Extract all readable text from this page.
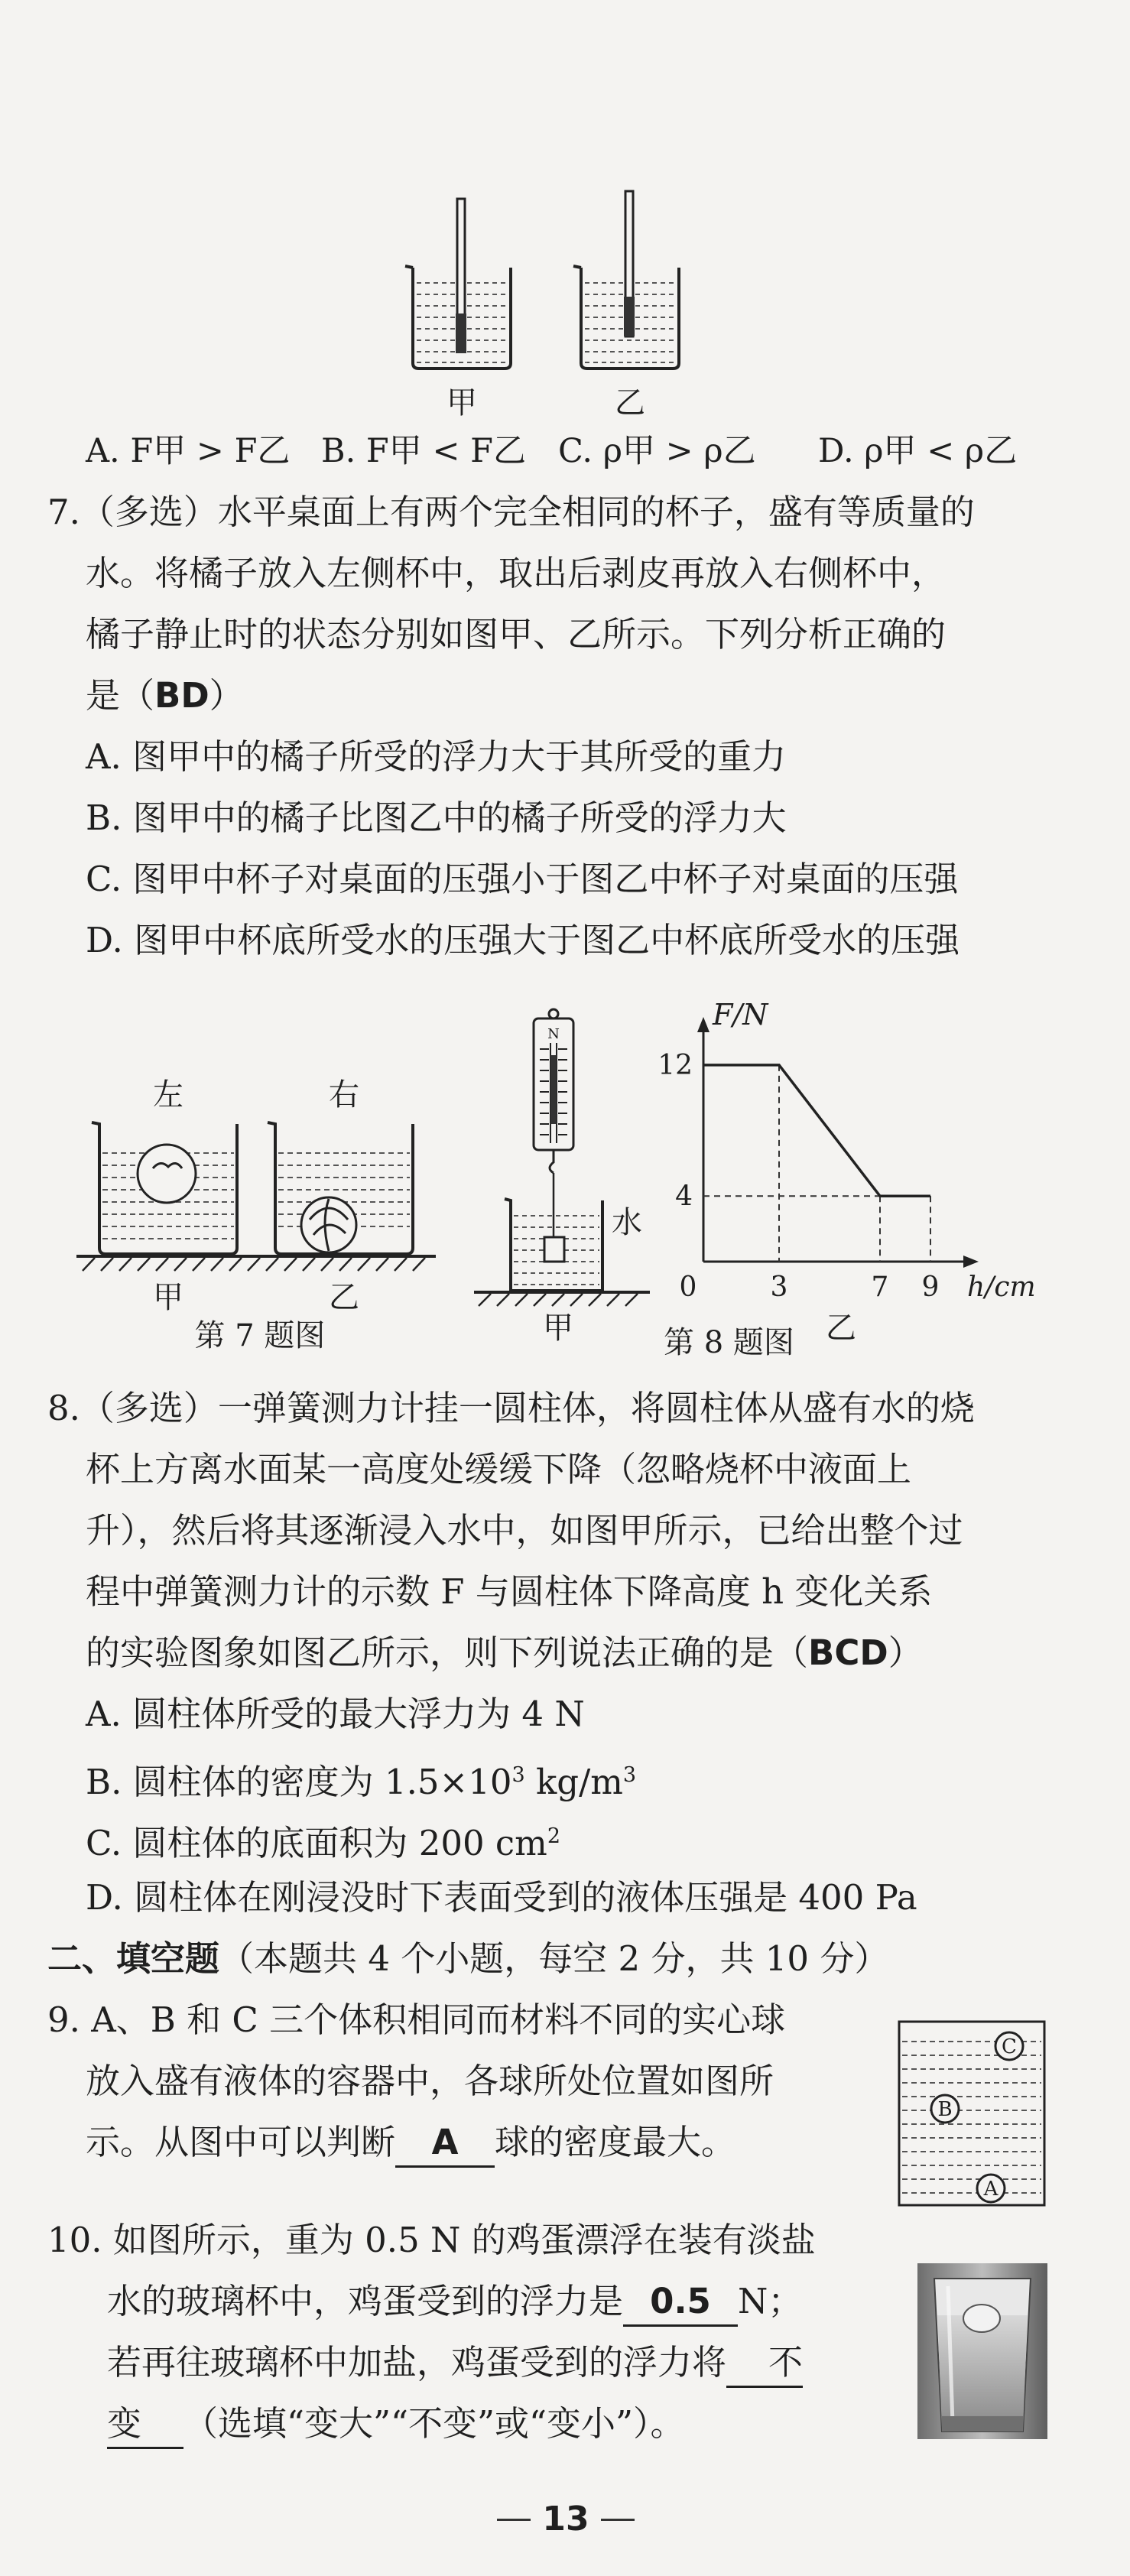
甲	乙
A. F甲 > F乙 B. F甲 < F乙 C. ρ甲 > ρ乙 D. ρ甲 < ρ乙
7.（多选）水平桌面上有两个完全相同的杯子，盛有等质量的
水。将橘子放入左侧杯中，取出后剥皮再放入右侧杯中，
橘子静止时的状态分别如图甲、乙所示。下列分析正确的
是（BD）
A. 图甲中的橘子所受的浮力大于其所受的重力
B. 图甲中的橘子比图乙中的橘子所受的浮力大
C. 图甲中杯子对桌面的压强小于图乙中杯子对桌面的压强
D. 图甲中杯底所受水的压强大于图乙中杯底所受水的压强
左	右
甲	乙
第 7 题图
N
水
甲
F/N
h/cm
0	3	7 9
12
4
乙
第 8 题图
8.（多选）一弹簧测力计挂一圆柱体，将圆柱体从盛有水的烧
杯上方离水面某一高度处缓缓下降（忽略烧杯中液面上
升），然后将其逐渐浸入水中，如图甲所示，已给出整个过
程中弹簧测力计的示数 F 与圆柱体下降高度 h 变化关系
的实验图象如图乙所示，则下列说法正确的是（BCD）
A. 圆柱体所受的最大浮力为 4 N
B. 圆柱体的密度为 $1.5\times 10^3$ $kg/m^3$
C. 圆柱体的底面积为 200 $cm^2$
D. 圆柱体在刚浸没时下表面受到的液体压强是 400 Pa
二、填空题（本题共 4 个小题，每空 2 分，共 10 分）
9. A、B 和 C 三个体积相同而材料不同的实心球
放入盛有液体的容器中，各球所处位置如图所
示。从图中可以判断 A 球的密度最大。
C
B
A
10. 如图所示，重为 0.5 N 的鸡蛋漂浮在装有淡盐
水的玻璃杯中，鸡蛋受到的浮力是 0.5 N；
若再往玻璃杯中加盐，鸡蛋受到的浮力将 不
变 （选填“变大”“不变”或“变小”）。
13
